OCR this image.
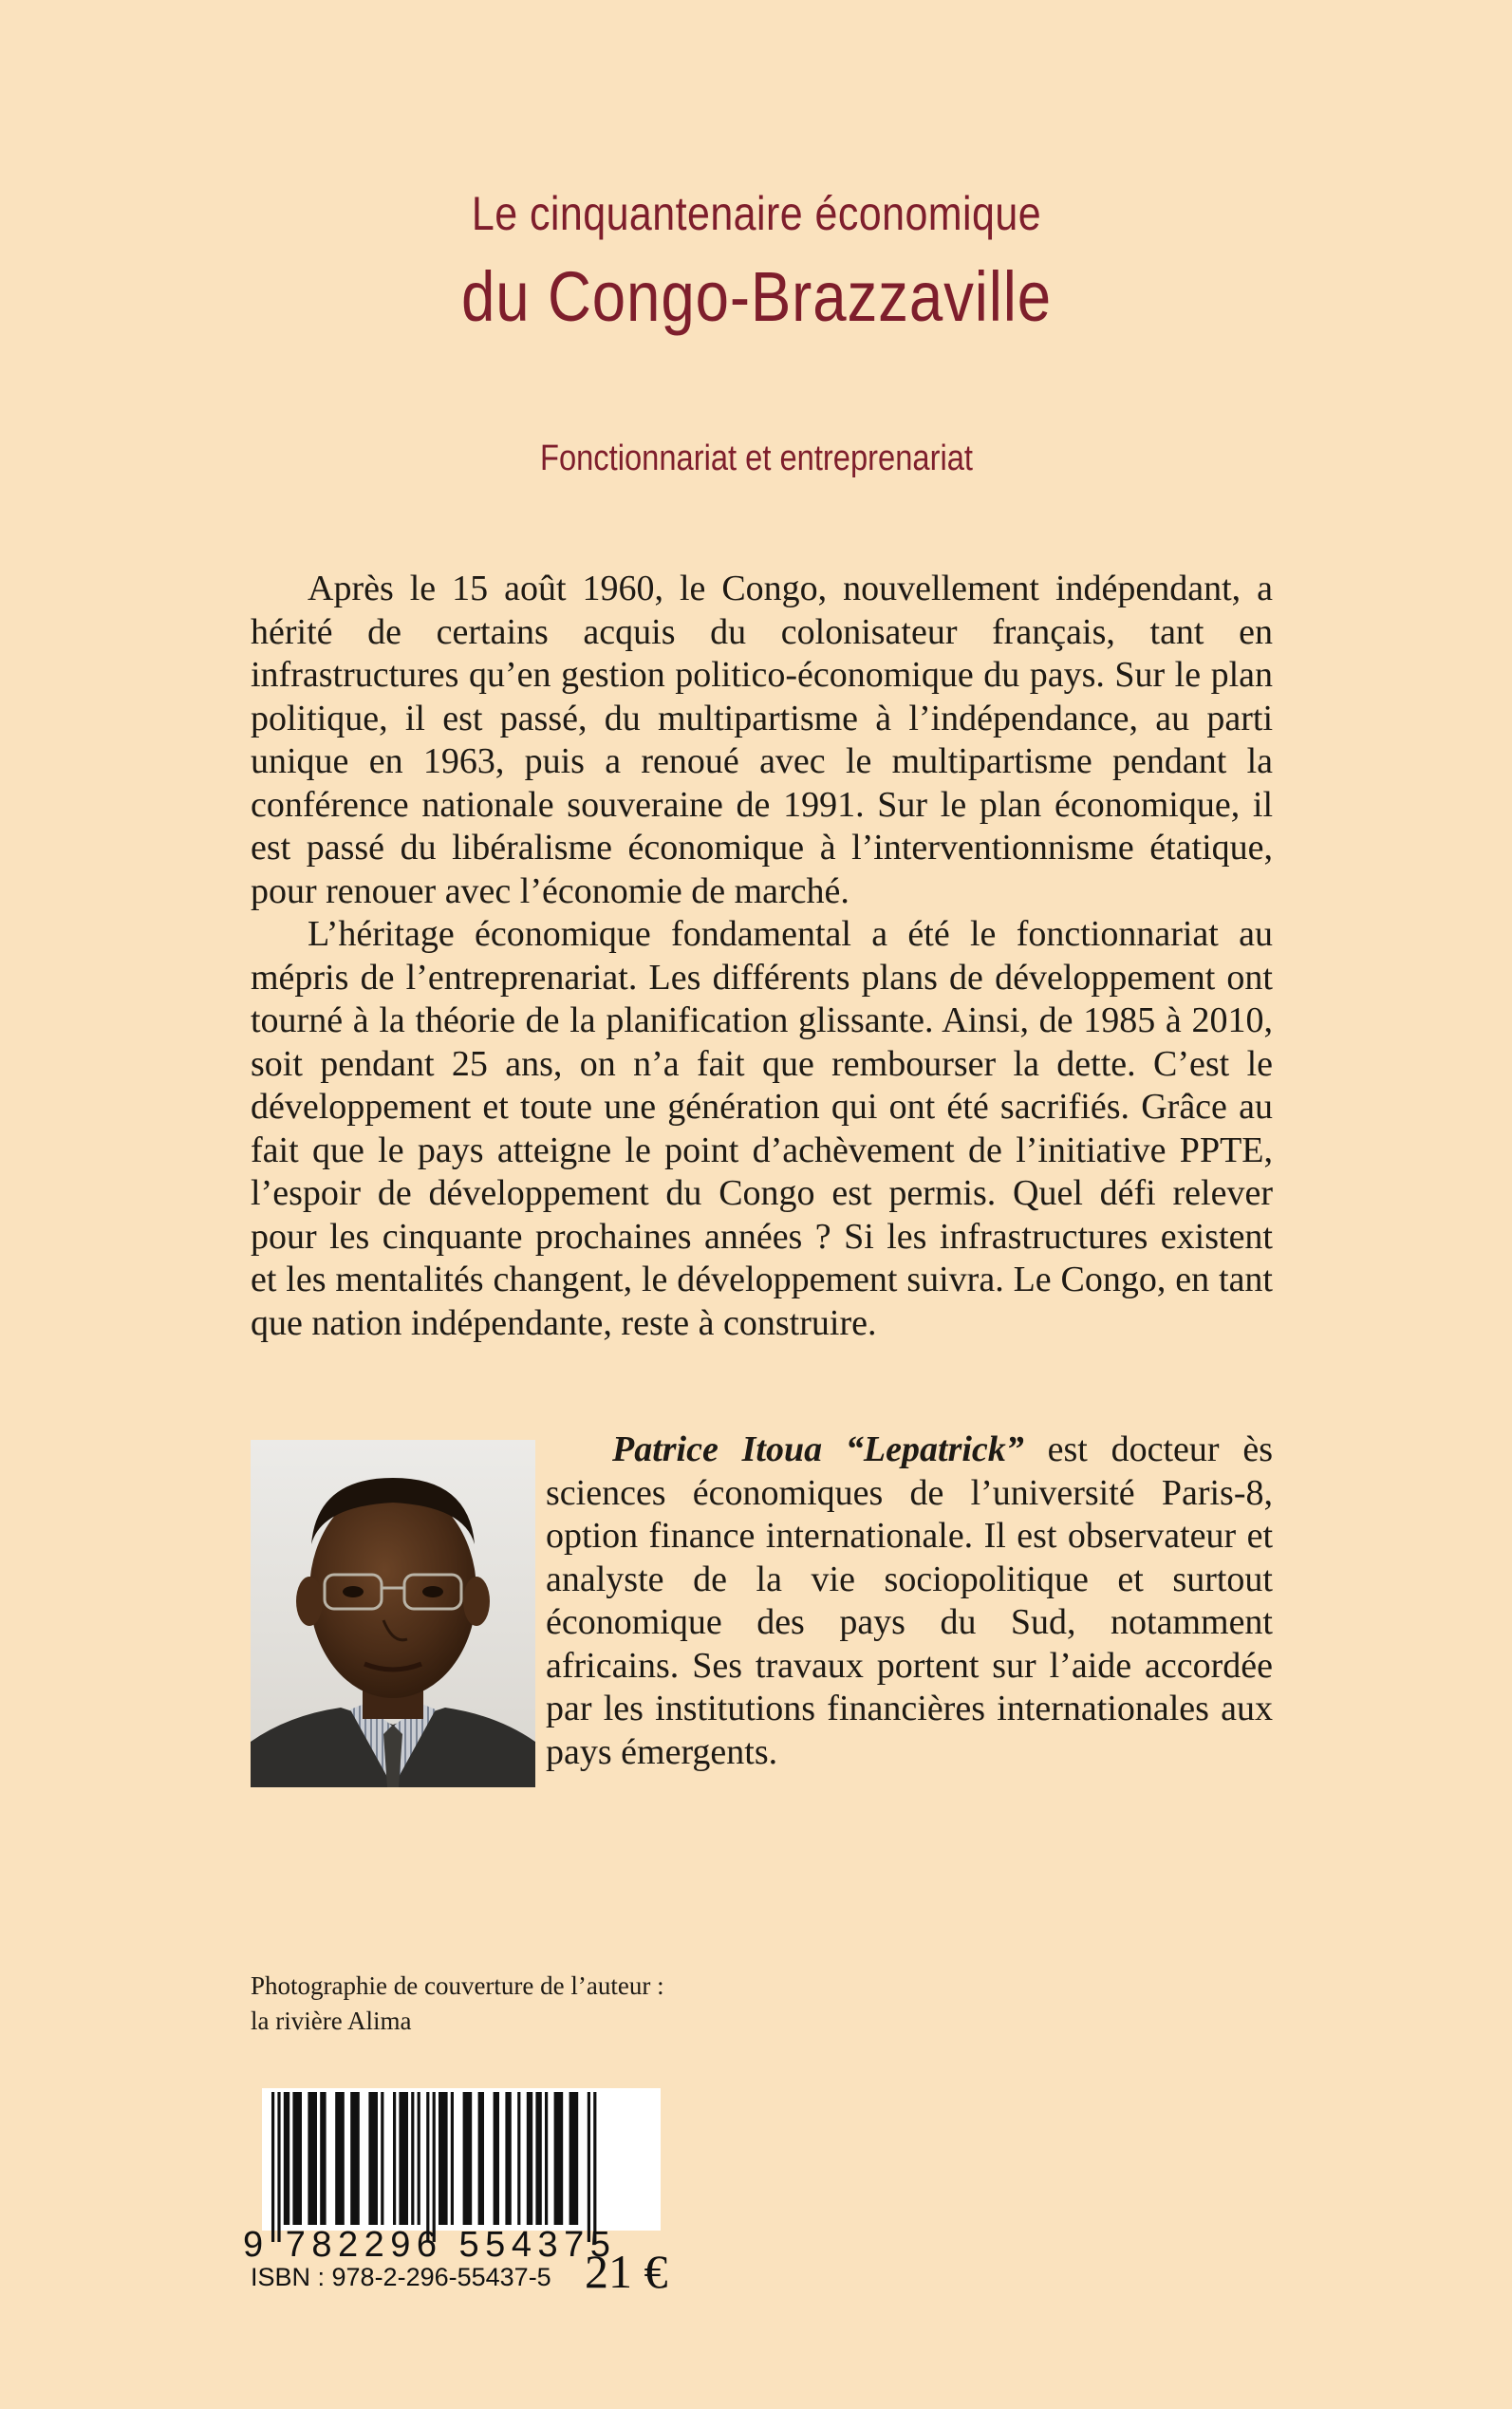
Le cinquantenaire économique
du Congo-Brazzaville
Fonctionnariat et entreprenariat

Après le 15 août 1960, le Congo, nouvellement indépendant, a hérité de certains acquis du colonisateur français, tant en infrastructures qu’en gestion politico-économique du pays. Sur le plan politique, il est passé, du multipartisme à l’indépendance, au parti unique en 1963, puis a renoué avec le multipartisme pendant la conférence nationale souveraine de 1991. Sur le plan économique, il est passé du libéralisme économique à l’interventionnisme étatique, pour renouer avec l’économie de marché.

L’héritage économique fondamental a été le fonctionnariat au mépris de l’entreprenariat. Les différents plans de développement ont tourné à la théorie de la planification glissante. Ainsi, de 1985 à 2010, soit pendant 25 ans, on n’a fait que rembourser la dette. C’est le développement et toute une génération qui ont été sacrifiés. Grâce au fait que le pays atteigne le point d’achèvement de l’initiative PPTE, l’espoir de développement du Congo est permis. Quel défi relever pour les cinquante prochaines années ? Si les infrastructures existent et les mentalités changent, le développement suivra. Le Congo, en tant que nation indépendante, reste à construire.

Patrice Itoua “Lepatrick” est docteur ès sciences économiques de l’université Paris-8, option finance internationale. Il est observateur et analyste de la vie sociopolitique et surtout économique des pays du Sud, notamment africains. Ses travaux portent sur l’aide accordée par les institutions financières internationales aux pays émergents.
Photographie de couverture de l’auteur :
la rivière Alima
9 782296 554375
ISBN : 978-2-296-55437-5 21 €
